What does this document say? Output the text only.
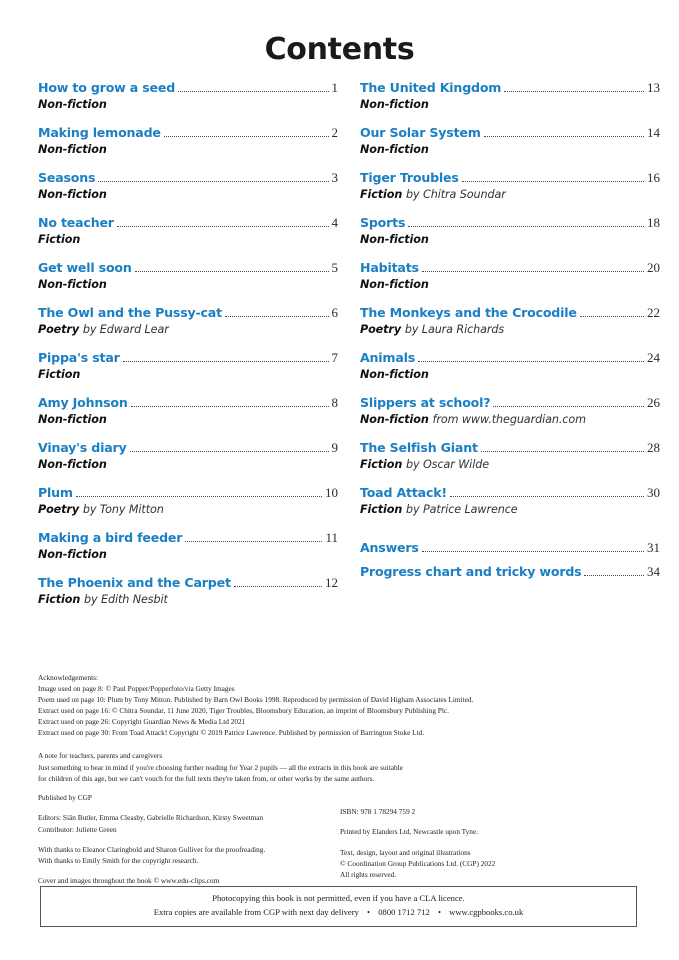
Contents
How to grow a seed	1
Non-fiction
Making lemonade	2
Non-fiction
Seasons	3
Non-fiction
No teacher	4
Fiction
Get well soon	5
Non-fiction
The Owl and the Pussy-cat	6
Poetry by Edward Lear
Pippa's star	7
Fiction
Amy Johnson	8
Non-fiction
Vinay's diary	9
Non-fiction
Plum	10
Poetry by Tony Mitton
Making a bird feeder	11
Non-fiction
The Phoenix and the Carpet	12
Fiction by Edith Nesbit
The United Kingdom	13
Non-fiction
Our Solar System	14
Non-fiction
Tiger Troubles	16
Fiction by Chitra Soundar
Sports	18
Non-fiction
Habitats	20
Non-fiction
The Monkeys and the Crocodile	22
Poetry by Laura Richards
Animals	24
Non-fiction
Slippers at school?	26
Non-fiction from www.theguardian.com
The Selfish Giant	28
Fiction by Oscar Wilde
Toad Attack!	30
Fiction by Patrice Lawrence
Answers	31
Progress chart and tricky words	34

Acknowledgements:

Image used on page 8: © Paul Popper/Popperfoto/via Getty Images

Poem used on page 10: Plum by Tony Mitton. Published by Barn Owl Books 1998. Reproduced by permission of David Higham Associates Limited.

Extract used on page 16: © Chitra Soundar, 11 June 2020, Tiger Troubles, Bloomsbury Education, an imprint of Bloomsbury Publishing Plc.

Extract used on page 26: Copyright Guardian News & Media Ltd 2021

Extract used on page 30: From Toad Attack! Copyright © 2019 Patrice Lawrence. Published by permission of Barrington Stoke Ltd.

A note for teachers, parents and caregivers

Just something to bear in mind if you're choosing further reading for Year 2 pupils — all the extracts in this book are suitable

for children of this age, but we can't vouch for the full texts they're taken from, or other works by the same authors.

Published by CGP

Editors: Siân Butler, Emma Cleasby, Gabrielle Richardson, Kirsty Sweetman

Contributor: Juliette Green

With thanks to Eleanor Claringbold and Sharon Gulliver for the proofreading.

With thanks to Emily Smith for the copyright research.

Cover and images throughout the book © www.edu-clips.com

ISBN: 978 1 78294 759 2

Printed by Elanders Ltd, Newcastle upon Tyne.

Text, design, layout and original illustrations

© Coordination Group Publications Ltd. (CGP) 2022

All rights reserved.

Photocopying this book is not permitted, even if you have a CLA licence.

Extra copies are available from CGP with next day delivery • 0800 1712 712 • www.cgpbooks.co.uk
